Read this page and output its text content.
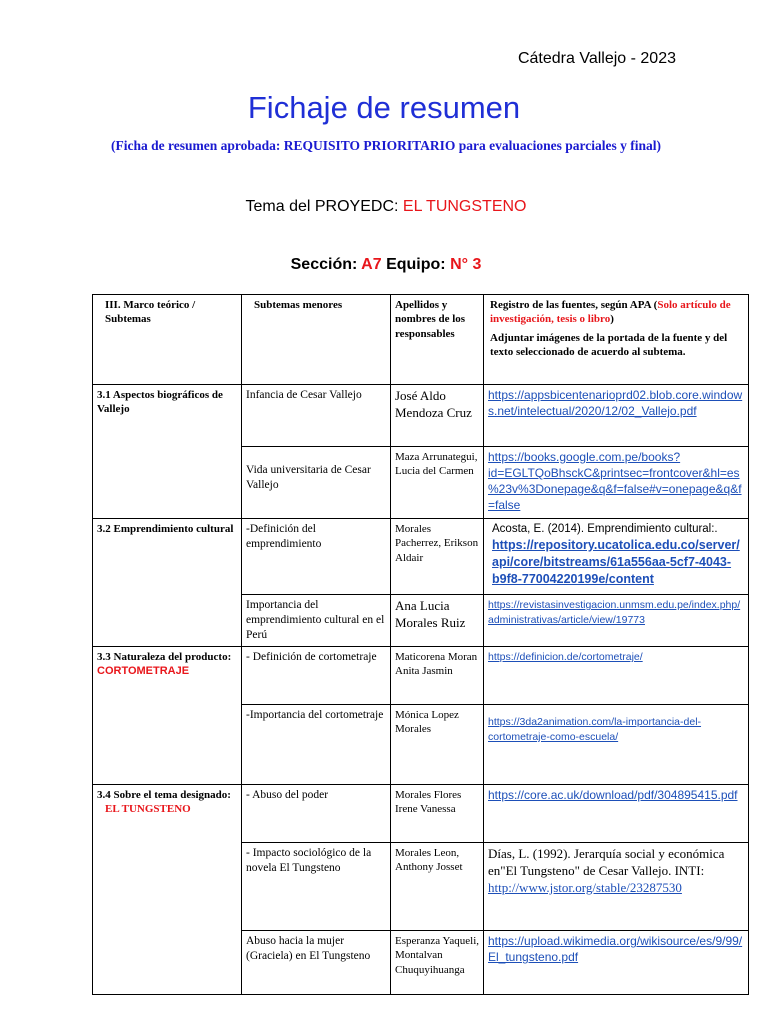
Cátedra Vallejo - 2023
Fichaje de resumen
(Ficha de resumen aprobada: REQUISITO PRIORITARIO para evaluaciones parciales y final)
Tema del PROYEDC: EL TUNGSTENO
Sección: A7 Equipo: N° 3
III. Marco teórico / Subtemas	Subtemas menores	Apellidos y nombres de los responsables	Registro de las fuentes, según APA (Solo artículo de investigación, tesis o libro)
Adjuntar imágenes de la portada de la fuente y del texto seleccionado de acuerdo al subtema.

3.1 Aspectos biográficos de Vallejo	Infancia de Cesar Vallejo	José Aldo Mendoza Cruz	https://appsbicentenarioprd02.blob.core.windows.net/intelectual/2020/12/02_Vallejo.pdf
	Vida universitaria de Cesar Vallejo	Maza Arrunategui, Lucia del Carmen	https://books.google.com.pe/books?id=EGLTQoBhsckC&printsec=frontcover&hl=es%23v%3Donepage&q&f=false#v=onepage&q&f=false
3.2 Emprendimiento cultural	-Definición del emprendimiento	Morales Pacherrez, Erikson Aldair	Acosta, E. (2014). Emprendimiento cultural:.
https://repository.ucatolica.edu.co/server/api/core/bitstreams/61a556aa-5cf7-4043-b9f8-77004220199e/content
	Importancia del emprendimiento cultural en el Perú	Ana Lucia Morales Ruiz	https://revistasinvestigacion.unmsm.edu.pe/index.php/administrativas/article/view/19773

3.3 Naturaleza del producto:
CORTOMETRAJE	- Definición de cortometraje	Maticorena Moran Anita Jasmin	https://definicion.de/cortometraje/
	-Importancia del cortometraje	Mónica Lopez Morales	https://3da2animation.com/la-importancia-del-cortometraje-como-escuela/

3.4 Sobre el tema designado:
EL TUNGSTENO	- Abuso del poder	Morales Flores Irene Vanessa	https://core.ac.uk/download/pdf/304895415.pdf
	- Impacto sociológico de la novela El Tungsteno	Morales Leon, Anthony Josset	Días, L. (1992). Jerarquía social y económica en"El Tungsteno" de Cesar Vallejo. INTI:
http://www.jstor.org/stable/23287530
	Abuso hacia la mujer (Graciela) en El Tungsteno	Esperanza Yaqueli, Montalvan Chuquyihuanga	https://upload.wikimedia.org/wikisource/es/9/99/El_tungsteno.pdf
